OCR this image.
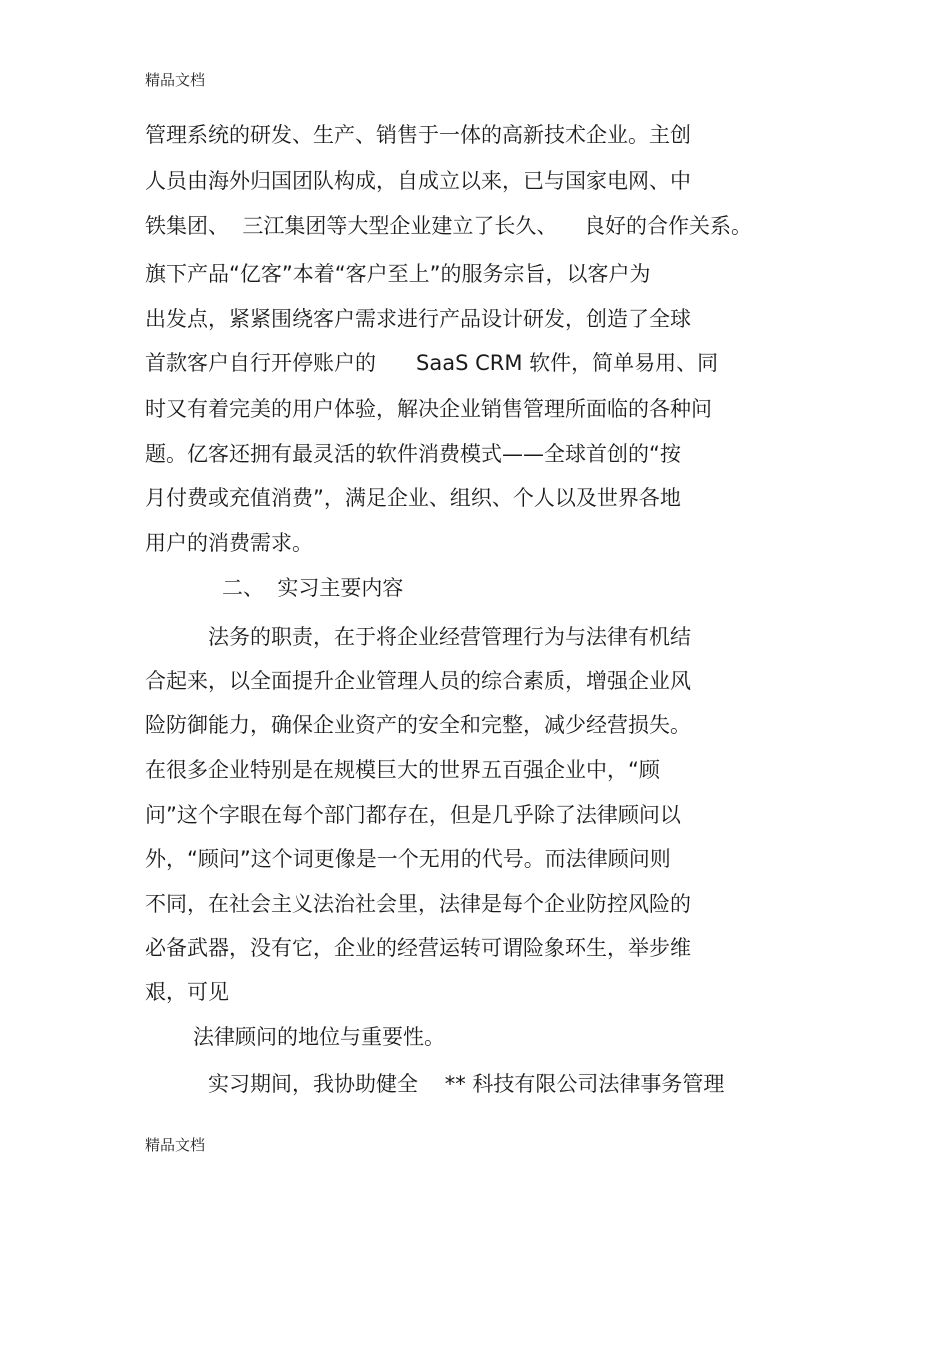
精品文档
管理系统的研发、生产、销售于一体的高新技术企业。主创
人员由海外归国团队构成，自成立以来，已与国家电网、中
铁集团、  三江集团等大型企业建立了长久、    良好的合作关系。
旗下产品“亿客”本着“客户至上”的服务宗旨，以客户为
出发点，紧紧围绕客户需求进行产品设计研发，创造了全球
首款客户自行开停账户的      SaaS CRM 软件，简单易用、同
时又有着完美的用户体验，解决企业销售管理所面临的各种问
题。亿客还拥有最灵活的软件消费模式——全球首创的“按
月付费或充值消费”，满足企业、组织、个人以及世界各地
用户的消费需求。
二、  实习主要内容
法务的职责，在于将企业经营管理行为与法律有机结
合起来，以全面提升企业管理人员的综合素质，增强企业风
险防御能力，确保企业资产的安全和完整，减少经营损失。
在很多企业特别是在规模巨大的世界五百强企业中，“顾
问”这个字眼在每个部门都存在，但是几乎除了法律顾问以
外，“顾问”这个词更像是一个无用的代号。而法律顾问则
不同，在社会主义法治社会里，法律是每个企业防控风险的
必备武器，没有它，企业的经营运转可谓险象环生，举步维
艰，可见
法律顾问的地位与重要性。
实习期间，我协助健全    ** 科技有限公司法律事务管理
精品文档
